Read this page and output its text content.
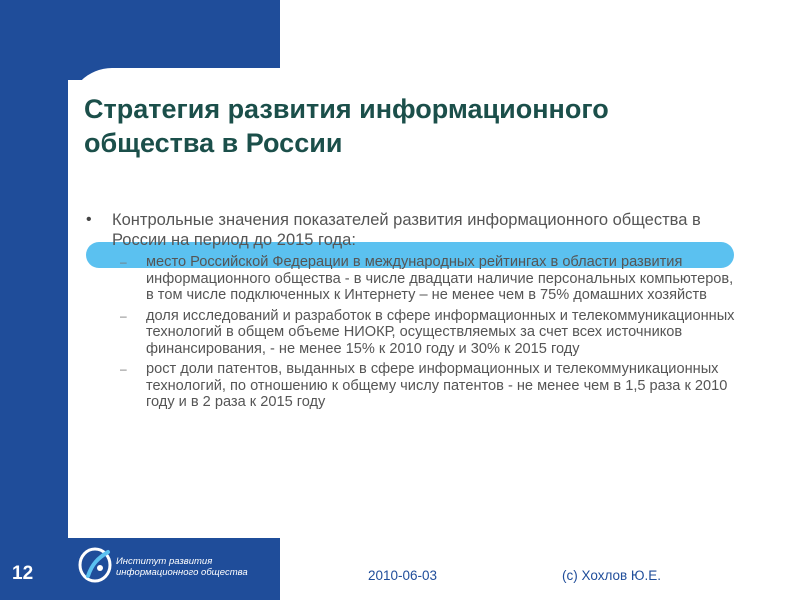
Стратегия развития информационного общества в России
• Контрольные значения показателей развития информационного общества в России на период до 2015 года:
– место Российской Федерации в международных рейтингах в области развития информационного общества - в числе двадцати наличие персональных компьютеров, в том числе подключенных к Интернету – не менее чем в 75% домашних хозяйств
– доля исследований и разработок в сфере информационных и телекоммуникационных технологий в общем объеме НИОКР, осуществляемых за счет всех источников финансирования, - не менее 15% к 2010 году и 30% к 2015 году
– рост доли патентов, выданных в сфере информационных и телекоммуникационных технологий, по отношению к общему числу патентов - не менее чем в 1,5 раза к 2010 году и в 2 раза к 2015 году
12
Институт развития информационного общества	2010-06-03	(c) Хохлов Ю.Е.
